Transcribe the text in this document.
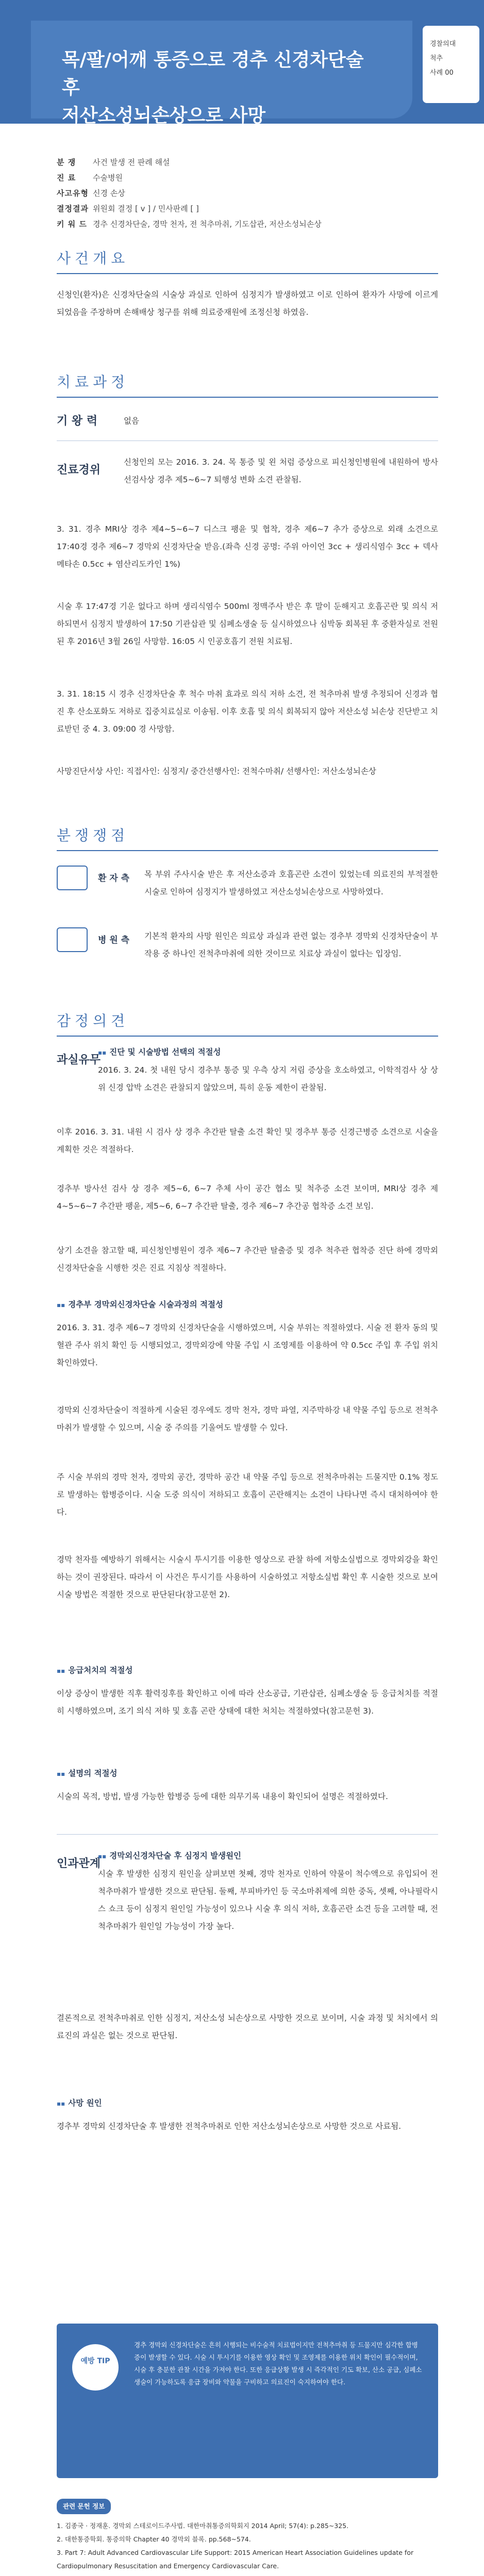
목/팔/어깨 통증으로 경추 신경차단술 후
저산소성뇌손상으로 사망
경찰의대
척추
사례 00
분 쟁	사건 발생 전 판례 해설
진 료	수술병원
사고유형 신경 손상
결정결과 위원회 결정 [ v ] / 민사판례 [ ]
키 워 드 경추 신경차단술, 경막 천자, 전 척추마취, 기도삽관, 저산소성뇌손상
사건개요
신청인(환자)은 신경차단술의 시술상 과실로 인하여 심정지가 발생하였고 이로 인하여 환자가 사망에 이르게 되었음을 주장하며 손해배상 청구를 위해 의료중재원에 조정신청 하였음.
치료과정
기 왕 력	없음
진료경위
신청인의 모는 2016. 3. 24. 목 통증 및 왼 처럼 증상으로 피신청인병원에 내원하여 방사선검사상 경추 제5~6~7 퇴행성 변화 소견 관찰됨.
3. 31. 경추 MRI상 경추 제4~5~6~7 디스크 팽윤 및 협착, 경추 제6~7 추가 증상으로 외래 소견으로 17:40경 경추 제6~7 경막외 신경차단술 받음.(좌측 신경 공명: 주위 아이언 3cc + 생리식염수 3cc + 덱사메타손 0.5cc + 염산리도카인 1%)
시술 후 17:47경 기운 없다고 하며 생리식염수 500ml 정맥주사 받은 후 말이 둔해지고 호흡곤란 및 의식 저하되면서 심정지 발생하여 17:50 기관삽관 및 심폐소생술 등 실시하였으나 심박동 회복된 후 중환자실로 전원된 후 2016년 3월 26일 사망함. 16:05 시 인공호흡기 전원 치료됨.
3. 31. 18:15 시 경추 신경차단술 후 척수 마취 효과로 의식 저하 소견, 전 척추마취 발생 추정되어 신경과 협진 후 산소포화도 저하로 집중치료실로 이송됨. 이후 호흡 및 의식 회복되지 않아 저산소성 뇌손상 진단받고 치료받던 중 4. 3. 09:00 경 사망함.
사망진단서상 사인: 직접사인: 심정지/ 중간선행사인: 전척수마취/ 선행사인: 저산소성뇌손상
분쟁쟁점
환 자 측 목 부위 주사시술 받은 후 저산소증과 호흡곤란 소견이 있었는데 의료진의 부적절한 시술로 인하여 심정지가 발생하였고 저산소성뇌손상으로 사망하였다.
병 원 측 기본적 환자의 사망 원인은 의료상 과실과 관련 없는 경추부 경막외 신경차단술이 부작용 중 하나인 전척추마취에 의한 것이므로 치료상 과실이 없다는 입장임.
감정의견
과실유무
▪▪ 진단 및 시술방법 선택의 적절성
2016. 3. 24. 첫 내원 당시 경추부 통증 및 우측 상지 저림 증상을 호소하였고, 이학적검사 상 상위 신경 압박 소견은 관찰되지 않았으며, 특히 운동 제한이 관찰됨.
이후 2016. 3. 31. 내원 시 검사 상 경추 추간판 탈출 소견 확인 및 경추부 통증 신경근병증 소견으로 시술을 계획한 것은 적절하다.
경추부 방사선 검사 상 경추 제5~6, 6~7 추체 사이 공간 협소 및 척추증 소견 보이며, MRI상 경추 제4~5~6~7 추간판 팽윤, 제5~6, 6~7 추간판 탈출, 경추 제6~7 추간공 협착증 소견 보임.
상기 소견을 참고할 때, 피신청인병원이 경추 제6~7 추간판 탈출증 및 경추 척추관 협착증 진단 하에 경막외 신경차단술을 시행한 것은 진료 지침상 적절하다.
▪▪ 경추부 경막외신경차단술 시술과정의 적절성
2016. 3. 31. 경추 제6~7 경막외 신경차단술을 시행하였으며, 시술 부위는 적절하였다. 시술 전 환자 동의 및 혈관 주사 위치 확인 등 시행되었고, 경막외강에 약물 주입 시 조영제를 이용하여 약 0.5cc 주입 후 주입 위치 확인하였다.
경막외 신경차단술이 적절하게 시술된 경우에도 경막 천자, 경막 파열, 지주막하강 내 약물 주입 등으로 전척추마취가 발생할 수 있으며, 시술 중 주의를 기울여도 발생할 수 있다.
주 시술 부위의 경막 천자, 경막외 공간, 경막하 공간 내 약물 주입 등으로 전척추마취는 드물지만 0.1% 정도로 발생하는 합병증이다. 시술 도중 의식이 저하되고 호흡이 곤란해지는 소견이 나타나면 즉시 대처하여야 한다.
경막 천자를 예방하기 위해서는 시술시 투시기를 이용한 영상으로 관찰 하에 저항소실법으로 경막외강을 확인하는 것이 권장된다. 따라서 이 사건은 투시기를 사용하여 시술하였고 저항소실법 확인 후 시술한 것으로 보여 시술 방법은 적절한 것으로 판단된다(참고문헌 2).
▪▪ 응급처치의 적절성
이상 증상이 발생한 직후 활력징후를 확인하고 이에 따라 산소공급, 기관삽관, 심폐소생술 등 응급처치를 적절히 시행하였으며, 조기 의식 저하 및 호흡 곤란 상태에 대한 처치는 적절하였다(참고문헌 3).
▪▪ 설명의 적절성
시술의 목적, 방법, 발생 가능한 합병증 등에 대한 의무기록 내용이 확인되어 설명은 적절하였다.
인과관계
▪▪ 경막외신경차단술 후 심정지 발생원인
시술 후 발생한 심정지 원인을 살펴보면 첫째, 경막 천자로 인하여 약물이 척수액으로 유입되어 전척추마취가 발생한 것으로 판단됨. 둘째, 부피바카인 등 국소마취제에 의한 중독, 셋째, 아나필락시스 쇼크 등이 심정지 원인일 가능성이 있으나 시술 후 의식 저하, 호흡곤란 소견 등을 고려할 때, 전척추마취가 원인일 가능성이 가장 높다.
결론적으로 전척추마취로 인한 심정지, 저산소성 뇌손상으로 사망한 것으로 보이며, 시술 과정 및 처치에서 의료진의 과실은 없는 것으로 판단됨.
▪▪ 사망 원인
경추부 경막외 신경차단술 후 발생한 전척추마취로 인한 저산소성뇌손상으로 사망한 것으로 사료됨.
예방 TIP
경추 경막외 신경차단술은 흔히 시행되는 비수술적 치료법이지만 전척추마취 등 드물지만 심각한 합병증이 발생할 수 있다. 시술 시 투시기를 이용한 영상 확인 및 조영제를 이용한 위치 확인이 필수적이며, 시술 후 충분한 관찰 시간을 가져야 한다. 또한 응급상황 발생 시 즉각적인 기도 확보, 산소 공급, 심폐소생술이 가능하도록 응급 장비와 약물을 구비하고 의료진이 숙지하여야 한다.
관련 문헌 정보
1. 김종국 · 정재훈. 경막외 스테로이드주사법. 대한마취통증의학회지 2014 April; 57(4): p.285~325.
2. 대한통증학회. 통증의학 Chapter 40 경막외 블록. pp.568~574.
3. Part 7: Adult Advanced Cardiovascular Life Support: 2015 American Heart Association Guidelines update for Cardiopulmonary Resuscitation and Emergency Cardiovascular Care.
